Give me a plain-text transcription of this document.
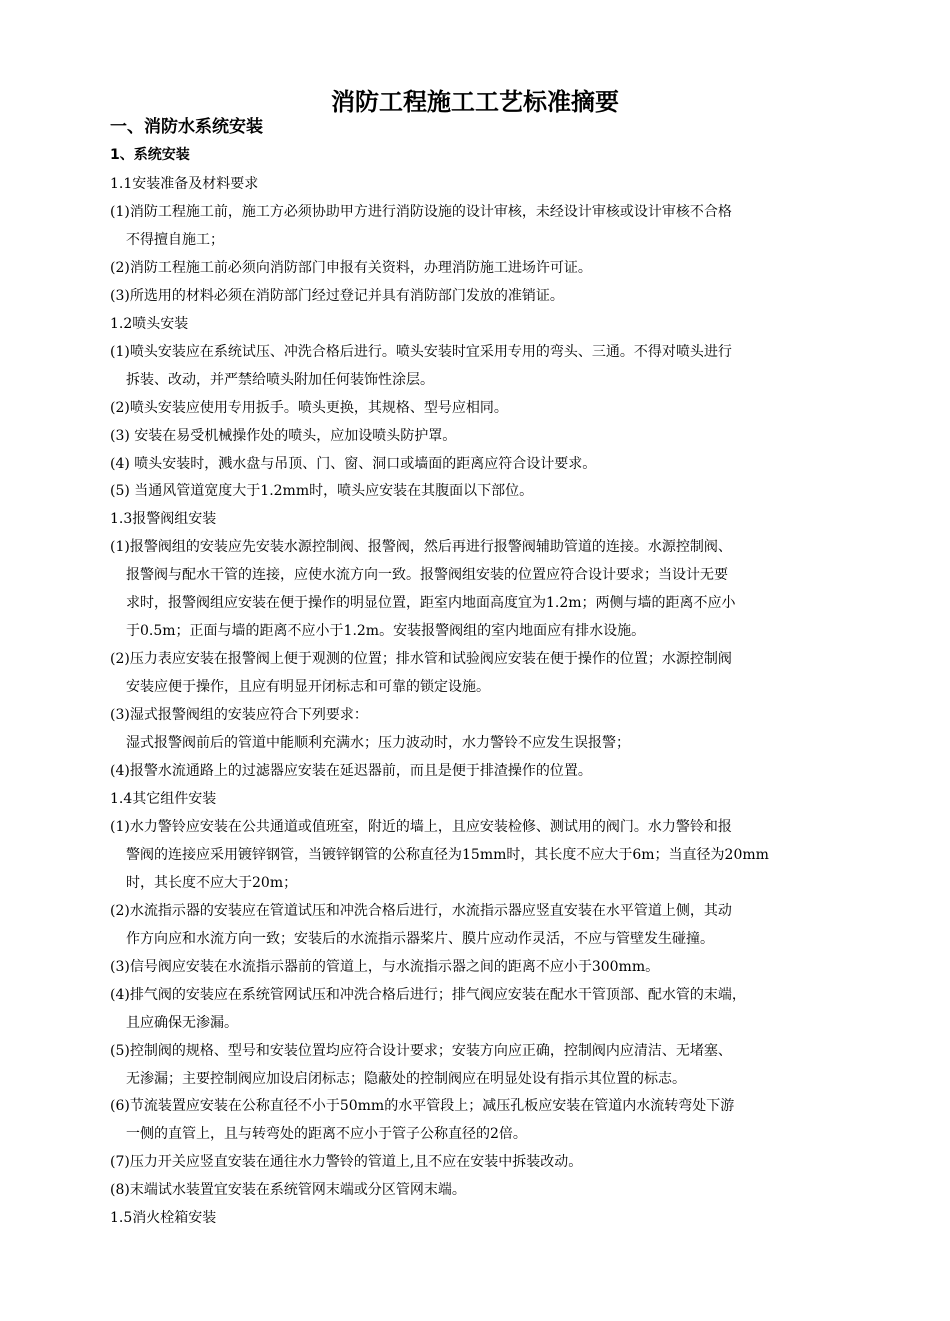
消防工程施工工艺标准摘要
一、消防水系统安装
1、系统安装
1.1安装准备及材料要求
(1)消防工程施工前，施工方必须协助甲方进行消防设施的设计审核，未经设计审核或设计审核不合格
不得擅自施工；
(2)消防工程施工前必须向消防部门申报有关资料，办理消防施工进场许可证。
(3)所选用的材料必须在消防部门经过登记并具有消防部门发放的准销证。
1.2喷头安装
(1)喷头安装应在系统试压、冲洗合格后进行。喷头安装时宜采用专用的弯头、三通。不得对喷头进行
拆装、改动，并严禁给喷头附加任何装饰性涂层。
(2)喷头安装应使用专用扳手。喷头更换，其规格、型号应相同。
(3) 安装在易受机械操作处的喷头，应加设喷头防护罩。
(4) 喷头安装时，溅水盘与吊顶、门、窗、洞口或墙面的距离应符合设计要求。
(5) 当通风管道宽度大于1.2mm时，喷头应安装在其腹面以下部位。
1.3报警阀组安装
(1)报警阀组的安装应先安装水源控制阀、报警阀，然后再进行报警阀辅助管道的连接。水源控制阀、
报警阀与配水干管的连接，应使水流方向一致。报警阀组安装的位置应符合设计要求；当设计无要
求时，报警阀组应安装在便于操作的明显位置，距室内地面高度宜为1.2m；两侧与墙的距离不应小
于0.5m；正面与墙的距离不应小于1.2m。安装报警阀组的室内地面应有排水设施。
(2)压力表应安装在报警阀上便于观测的位置；排水管和试验阀应安装在便于操作的位置；水源控制阀
安装应便于操作，且应有明显开闭标志和可靠的锁定设施。
(3)湿式报警阀组的安装应符合下列要求：
湿式报警阀前后的管道中能顺利充满水；压力波动时，水力警铃不应发生误报警；
(4)报警水流通路上的过滤器应安装在延迟器前，而且是便于排渣操作的位置。
1.4其它组件安装
(1)水力警铃应安装在公共通道或值班室，附近的墙上，且应安装检修、测试用的阀门。水力警铃和报
警阀的连接应采用镀锌钢管，当镀锌钢管的公称直径为15mm时，其长度不应大于6m；当直径为20mm
时，其长度不应大于20m；
(2)水流指示器的安装应在管道试压和冲洗合格后进行，水流指示器应竖直安装在水平管道上侧，其动
作方向应和水流方向一致；安装后的水流指示器桨片、膜片应动作灵活，不应与管壁发生碰撞。
(3)信号阀应安装在水流指示器前的管道上，与水流指示器之间的距离不应小于300mm。
(4)排气阀的安装应在系统管网试压和冲洗合格后进行；排气阀应安装在配水干管顶部、配水管的末端，
且应确保无渗漏。
(5)控制阀的规格、型号和安装位置均应符合设计要求；安装方向应正确，控制阀内应清洁、无堵塞、
无渗漏；主要控制阀应加设启闭标志；隐蔽处的控制阀应在明显处设有指示其位置的标志。
(6)节流装置应安装在公称直径不小于50mm的水平管段上；减压孔板应安装在管道内水流转弯处下游
一侧的直管上，且与转弯处的距离不应小于管子公称直径的2倍。
(7)压力开关应竖直安装在通往水力警铃的管道上,且不应在安装中拆装改动。
(8)末端试水装置宜安装在系统管网末端或分区管网末端。
1.5消火栓箱安装
